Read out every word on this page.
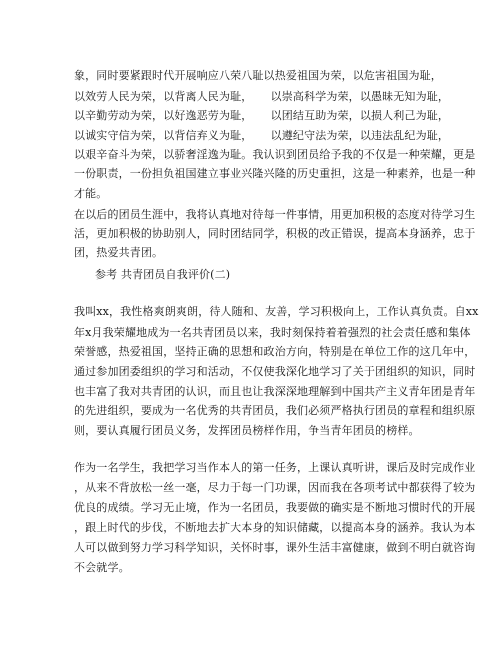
象，同时要紧跟时代开展响应八荣八耻以热爱祖国为荣，以危害祖国为耻，
以效劳人民为荣，以背离人民为耻，     以崇高科学为荣，以愚昧无知为耻，
以辛勤劳动为荣，以好逸恶劳为耻，     以团结互助为荣，以损人利己为耻，
以诚实守信为荣，以背信弃义为耻，     以遵纪守法为荣，以违法乱纪为耻，
以艰辛奋斗为荣，以骄奢淫逸为耻。我认识到团员给予我的不仅是一种荣耀，更是
一份职责，一份担负祖国建立事业兴隆兴隆的历史重担，这是一种素养，也是一种
才能。
在以后的团员生涯中，我将认真地对待每一件事情，用更加积极的态度对待学习生
活，更加积极的协助别人，同时团结同学，积极的改正错误，提高本身涵养，忠于
团，热爱共青团。
参考 共青团员自我评价(二)
我叫xx，我性格爽朗爽朗，待人随和、友善，学习积极向上，工作认真负责。自xx
年x月我荣耀地成为一名共青团员以来，我时刻保持着着强烈的社会责任感和集体
荣誉感，热爱祖国，坚持正确的思想和政治方向，特别是在单位工作的这几年中，
通过参加团委组织的学习和活动，不仅使我深化地学习了关于团组织的知识，同时
也丰富了我对共青团的认识，而且也让我深深地理解到中国共产主义青年团是青年
的先进组织，要成为一名优秀的共青团员，我们必须严格执行团员的章程和组织原
则，要认真履行团员义务，发挥团员榜样作用，争当青年团员的榜样。
作为一名学生，我把学习当作本人的第一任务，上课认真听讲，课后及时完成作业
，从来不背放松一丝一毫，尽力于每一门功课，因而我在各项考试中都获得了较为
优良的成绩。学习无止境，作为一名团员，我要做的确实是不断地习惯时代的开展
，跟上时代的步伐，不断地去扩大本身的知识储藏，以提高本身的涵养。我认为本
人可以做到努力学习科学知识，关怀时事，课外生活丰富健康，做到不明白就咨询
不会就学。
